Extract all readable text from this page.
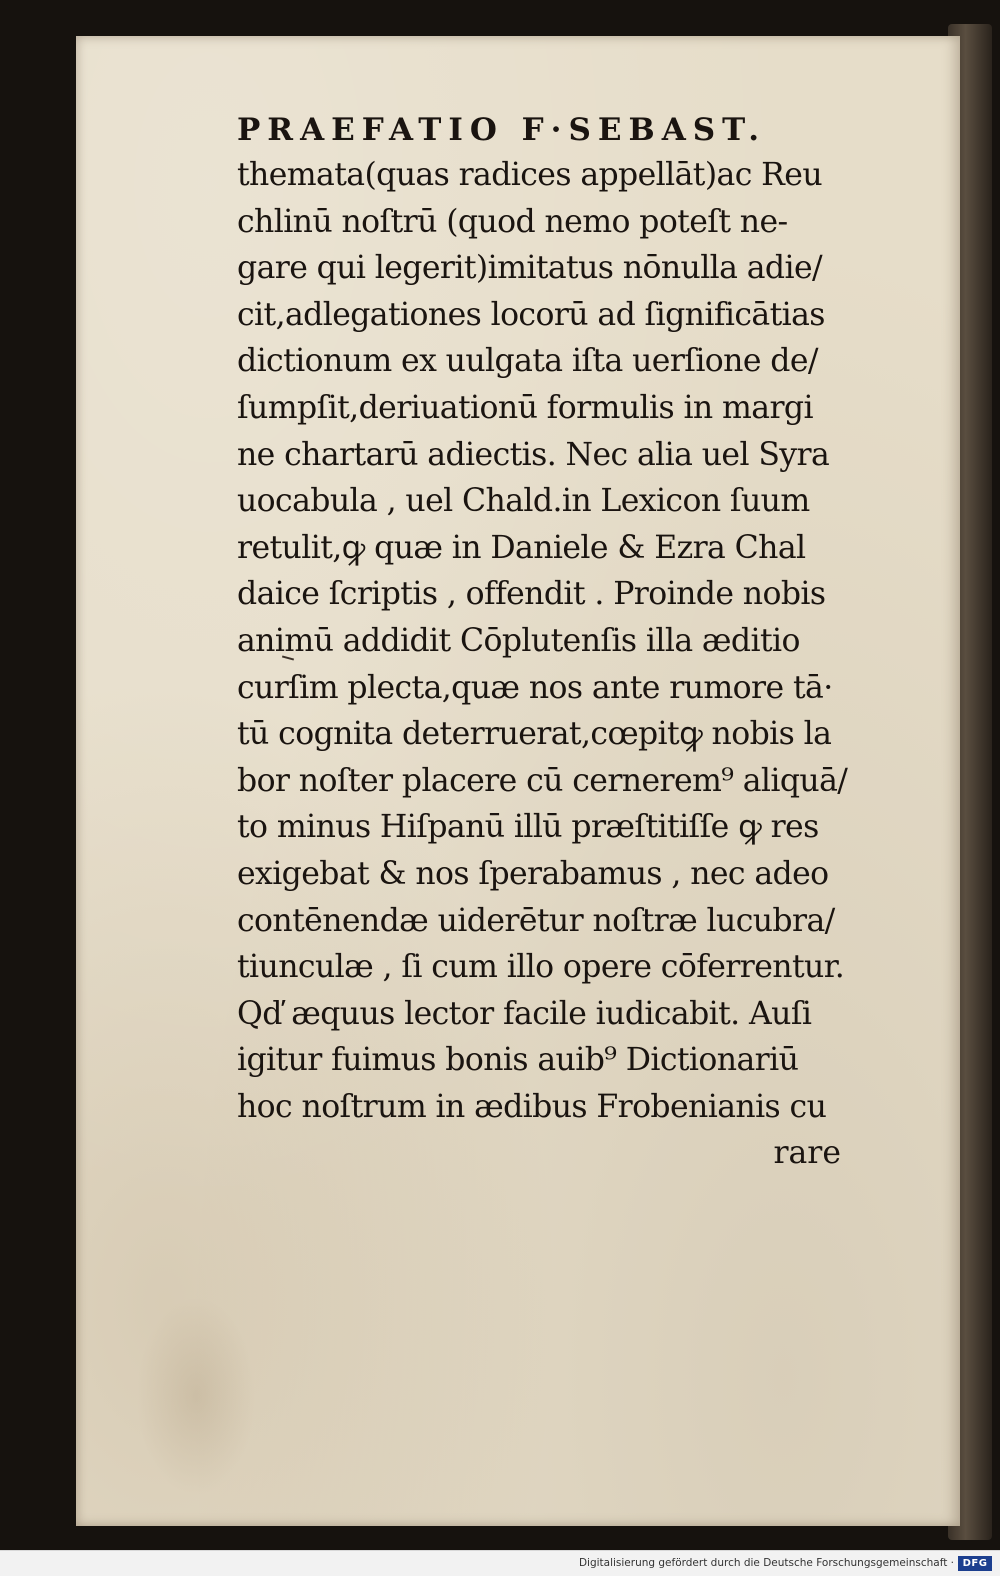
PRAEFATIO F·SEBAST.
themata(quas radices appellāt)ac Reu
chlinū noſtrū (quod nemo poteſt ne-
gare qui legerit)imitatus nōnulla adie/
cit,adlegationes locorū ad ſignificātias
dictionum ex uulgata iſta uerſione de/
ſumpſit,deriuationū formulis in margi
ne chartarū adiectis. Nec alia uel Syra
uocabula , uel Chald.in Lexicon ſuum
retulit,ꝙ quæ in Daniele & Ezra Chal
daice ſcriptis , offendit . Proinde nobis
animū addidit Cōplutenſis illa æditio
curſim plecta,quæ nos ante rumore tā·
tū cognita deterruerat,cœpitꝙ nobis la
bor noſter placere cū cernerem⁹ aliquā/
to minus Hiſpanū illū præſtitiſſe ꝙ res
exigebat & nos ſperabamus , nec adeo
contēnendæ uiderētur noſtræ lucubra/
tiunculæ , ſi cum illo opere cōferrentur.
Qď æquus lector facile iudicabit. Auſi
igitur fuimus bonis auib⁹ Dictionariū
hoc noſtrum in ædibus Frobenianis cu
rare
Digitalisierung gefördert durch die Deutsche Forschungsgemeinschaft · DFG
